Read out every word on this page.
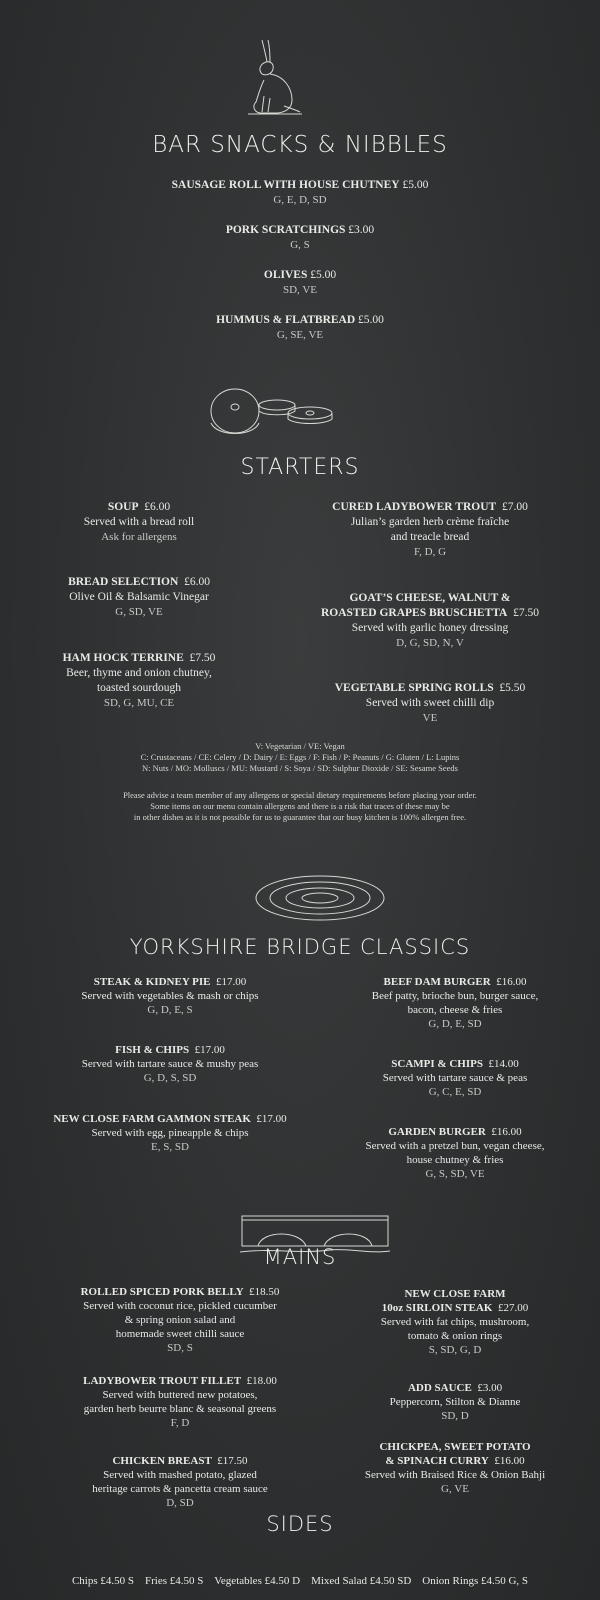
BAR SNACKS & NIBBLES
SAUSAGE ROLL WITH HOUSE CHUTNEY £5.00
G, E, D, SD
PORK SCRATCHINGS £3.00
G, S
OLIVES £5.00
SD, VE
HUMMUS & FLATBREAD £5.00
G, SE, VE
STARTERS
SOUP £6.00
Served with a bread roll
Ask for allergens
BREAD SELECTION £6.00
Olive Oil & Balsamic Vinegar
G, SD, VE
HAM HOCK TERRINE £7.50
Beer, thyme and onion chutney,
toasted sourdough
SD, G, MU, CE
CURED LADYBOWER TROUT £7.00
Julian’s garden herb crème fraîche
and treacle bread
F, D, G
GOAT’S CHEESE, WALNUT &
ROASTED GRAPES BRUSCHETTA £7.50
Served with garlic honey dressing
D, G, SD, N, V
VEGETABLE SPRING ROLLS £5.50
Served with sweet chilli dip
VE
V: Vegetarian / VE: Vegan
C: Crustaceans / CE: Celery / D: Dairy / E: Eggs / F: Fish / P: Peanuts / G: Gluten / L: Lupins
N: Nuts / MO: Molluscs / MU: Mustard / S: Soya / SD: Sulphur Dioxide / SE: Sesame Seeds
Please advise a team member of any allergens or special dietary requirements before placing your order.
Some items on our menu contain allergens and there is a risk that traces of these may be
in other dishes as it is not possible for us to guarantee that our busy kitchen is 100% allergen free.
YORKSHIRE BRIDGE CLASSICS
STEAK & KIDNEY PIE £17.00
Served with vegetables & mash or chips
G, D, E, S
FISH & CHIPS £17.00
Served with tartare sauce & mushy peas
G, D, S, SD
NEW CLOSE FARM GAMMON STEAK £17.00
Served with egg, pineapple & chips
E, S, SD
BEEF DAM BURGER £16.00
Beef patty, brioche bun, burger sauce,
bacon, cheese & fries
G, D, E, SD
SCAMPI & CHIPS £14.00
Served with tartare sauce & peas
G, C, E, SD
GARDEN BURGER £16.00
Served with a pretzel bun, vegan cheese,
house chutney & fries
G, S, SD, VE
MAINS
ROLLED SPICED PORK BELLY £18.50
Served with coconut rice, pickled cucumber
& spring onion salad and
homemade sweet chilli sauce
SD, S
LADYBOWER TROUT FILLET £18.00
Served with buttered new potatoes,
garden herb beurre blanc & seasonal greens
F, D
CHICKEN BREAST £17.50
Served with mashed potato, glazed
heritage carrots & pancetta cream sauce
D, SD
NEW CLOSE FARM
10oz SIRLOIN STEAK £27.00
Served with fat chips, mushroom,
tomato & onion rings
S, SD, G, D
ADD SAUCE £3.00
Peppercorn, Stilton & Dianne
SD, D
CHICKPEA, SWEET POTATO
& SPINACH CURRY £16.00
Served with Braised Rice & Onion Bahji
G, VE
SIDES
Chips £4.50 S Fries £4.50 S Vegetables £4.50 D Mixed Salad £4.50 SD Onion Rings £4.50 G, S
